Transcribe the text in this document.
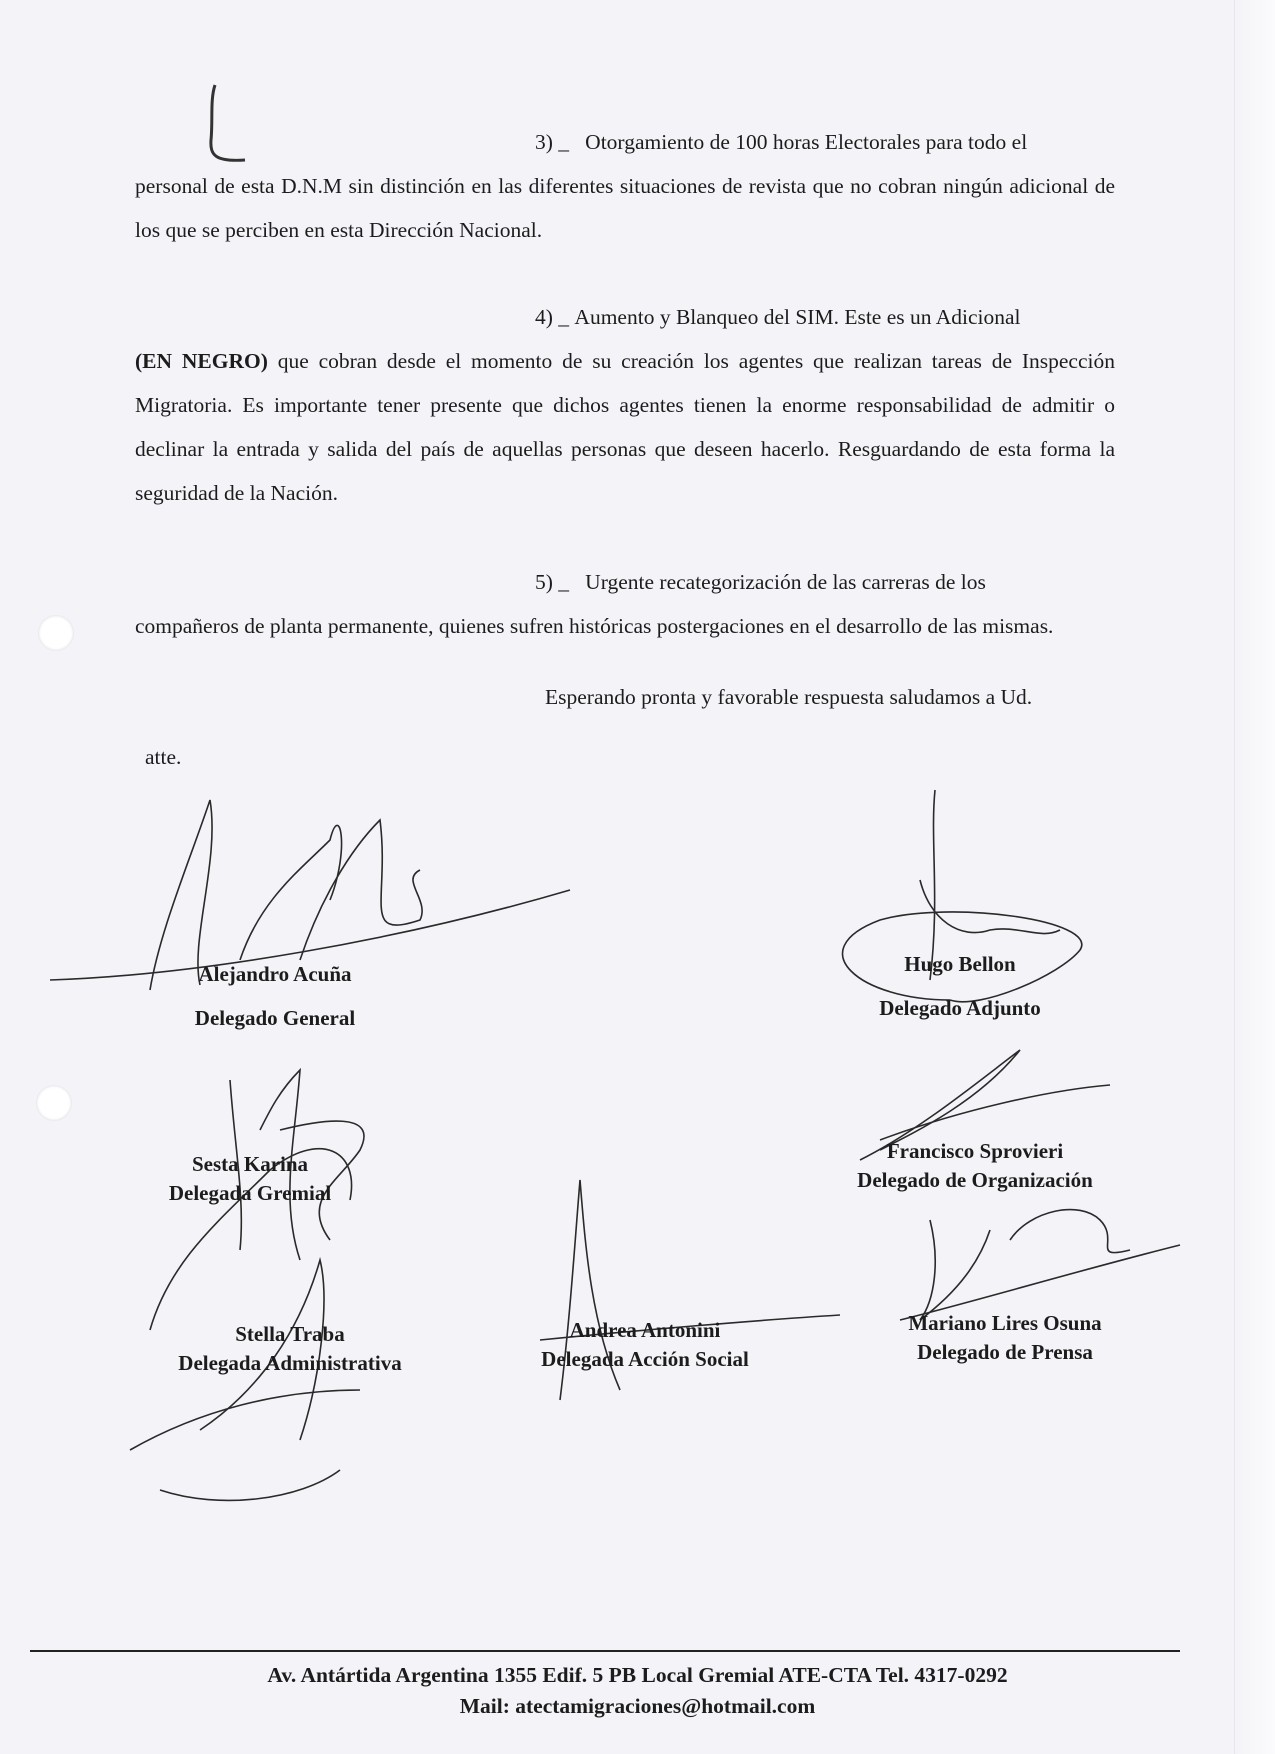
3) _ Otorgamiento de 100 horas Electorales para todo el
personal de esta D.N.M sin distinción en las diferentes situaciones de revista que no cobran ningún adicional de los que se perciben en esta Dirección Nacional.
4) _ Aumento y Blanqueo del SIM. Este es un Adicional
(EN NEGRO) que cobran desde el momento de su creación los agentes que realizan tareas de Inspección Migratoria. Es importante tener presente que dichos agentes tienen la enorme responsabilidad de admitir o declinar la entrada y salida del país de aquellas personas que deseen hacerlo. Resguardando de esta forma la seguridad de la Nación.
5) _ Urgente recategorización de las carreras de los
compañeros de planta permanente, quienes sufren históricas postergaciones en el desarrollo de las mismas.
Esperando pronta y favorable respuesta saludamos a Ud.
atte.
Alejandro Acuña
Delegado General
Hugo Bellon
Delegado Adjunto
Sesta Karina
Delegada Gremial
Francisco Sprovieri
Delegado de Organización
Stella Traba
Delegada Administrativa
Andrea Antonini
Delegada Acción Social
Mariano Lires Osuna
Delegado de Prensa
Av. Antártida Argentina 1355 Edif. 5 PB Local Gremial ATE-CTA Tel. 4317-0292
Mail: atectamigraciones@hotmail.com
